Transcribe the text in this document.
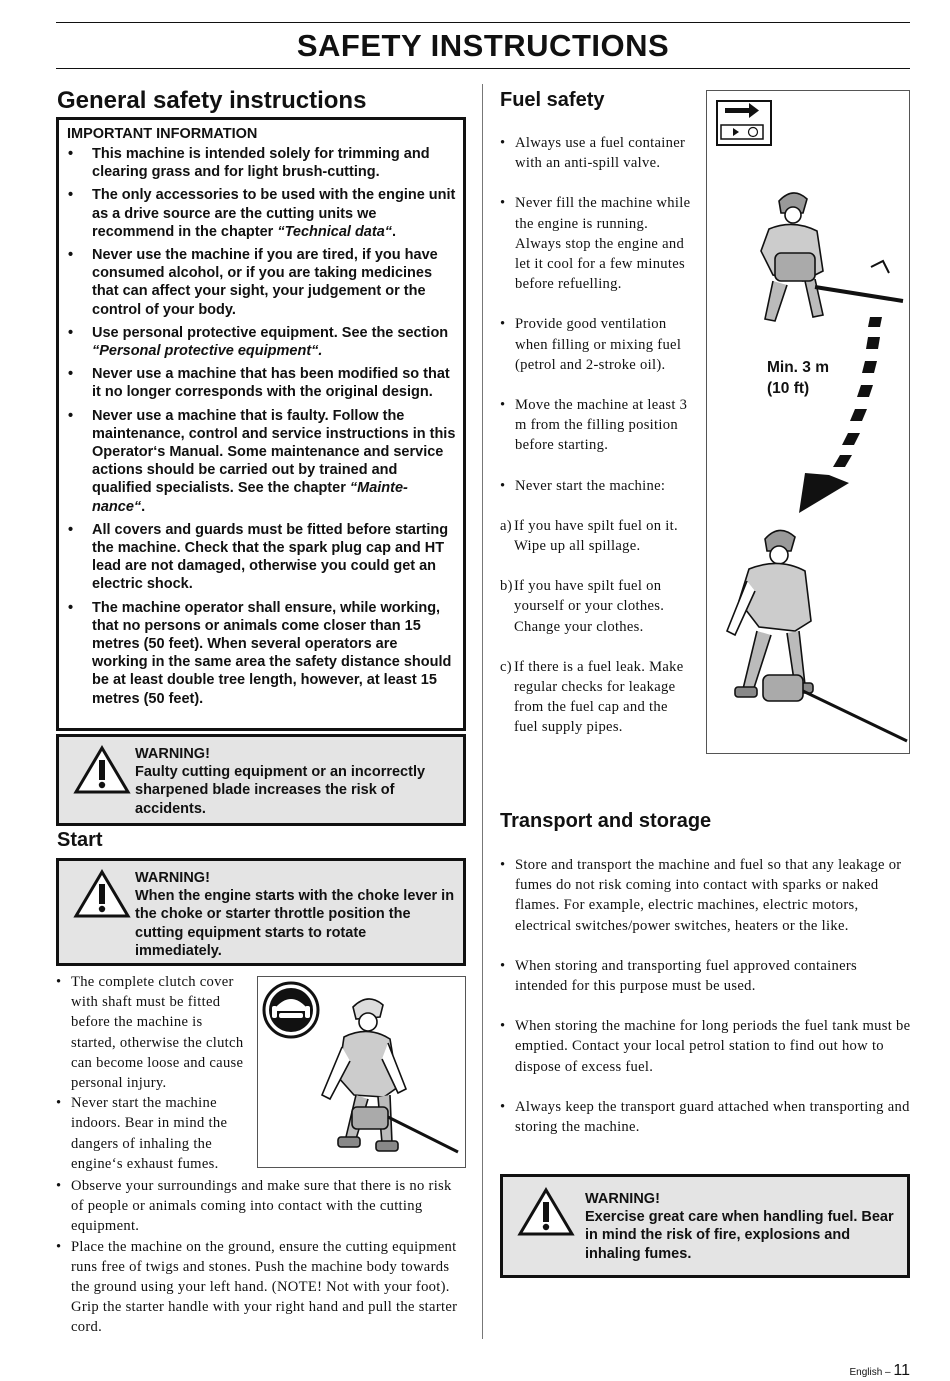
SAFETY INSTRUCTIONS
General safety instructions
IMPORTANT INFORMATION
• This machine is intended solely for trimming and clearing grass and for light brush-cutting.
• The only accessories to be used with the engine unit as a drive source are the cutting units we recommend in the chapter “Technical data“.
• Never use the machine if you are tired, if you have consumed alcohol, or if you are taking medicines that can affect your sight, your judgement or the control of your body.
• Use personal protective equipment. See the section “Personal protective equipment“.
• Never use a machine that has been modified so that it no longer corresponds with the original design.
• Never use a machine that is faulty. Follow the maintenance, control and service instructions in this Operator‘s Manual. Some maintenance and service actions should be carried out by trained and qualified specialists. See the chapter “Mainte-nance“.
• All covers and guards must be fitted before starting the machine. Check that the spark plug cap and HT lead are not damaged, otherwise you could get an electric shock.
• The machine operator shall ensure, while working, that no persons or animals come closer than 15 metres (50 feet). When several operators are working in the same area the safety distance should be at least double tree length, however, at least 15 metres (50 feet).
WARNING!
Faulty cutting equipment or an incorrectly sharpened blade increases the risk of accidents.
Start
WARNING!
When the engine starts with the choke lever in the choke or starter throttle position the cutting equipment starts to rotate immediately.
• The complete clutch cover with shaft must be fitted before the machine is started, otherwise the clutch can become loose and cause personal injury.
• Never start the machine indoors. Bear in mind the dangers of inhaling the engine‘s exhaust fumes.
• Observe your surroundings and make sure that there is no risk of people or animals coming into contact with the cutting equipment.
• Place the machine on the ground, ensure the cutting equipment runs free of twigs and stones. Push the machine body towards the ground using your left hand. (NOTE! Not with your foot). Grip the starter handle with your right hand and pull the starter cord.
Fuel safety
• Always use a fuel container with an anti-spill valve.
• Never fill the machine while the engine is running. Always stop the engine and let it cool for a few minutes before refuelling.
• Provide good ventilation when filling or mixing fuel (petrol and 2-stroke oil).
• Move the machine at least 3 m from the filling position before starting.
• Never start the machine:
a) If you have spilt fuel on it. Wipe up all spillage.
b) If you have spilt fuel on yourself or your clothes. Change your clothes.
c) If there is a fuel leak. Make regular checks for leakage from the fuel cap and the fuel supply pipes.
Min. 3 m
(10 ft)
Transport and storage
• Store and transport the machine and fuel so that any leakage or fumes do not risk coming into contact with sparks or naked flames. For example, electric machines, electric motors, electrical switches/power switches, heaters or the like.
• When storing and transporting fuel approved containers intended for this purpose must be used.
• When storing the machine for long periods the fuel tank must be emptied. Contact your local petrol station to find out how to dispose of excess fuel.
• Always keep the transport guard attached when transporting and storing the machine.
WARNING!
Exercise great care when handling fuel. Bear in mind the risk of fire, explosions and inhaling fumes.
English – 11
